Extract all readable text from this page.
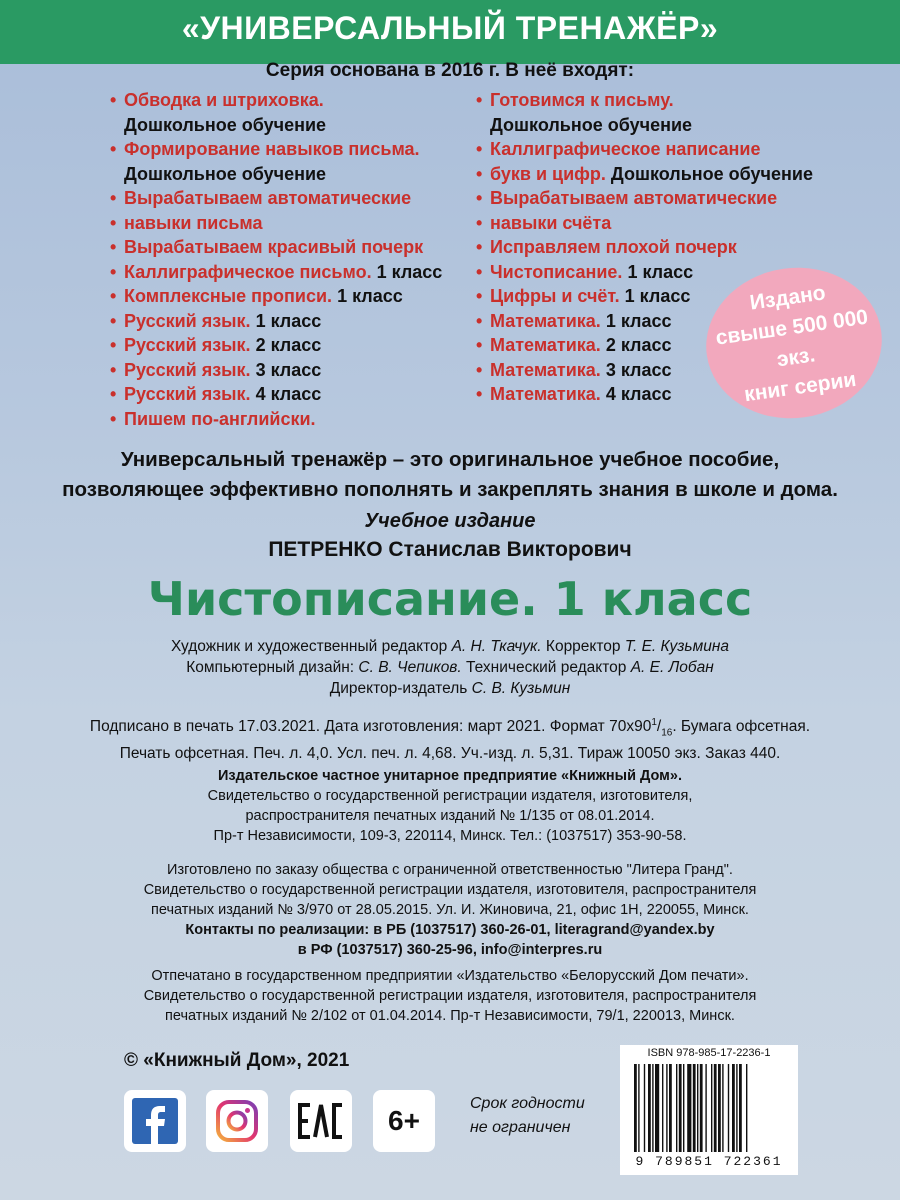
«УНИВЕРСАЛЬНЫЙ ТРЕНАЖЁР»
Серия основана в 2016 г. В неё входят:
• Обводка и штриховка.
Дошкольное обучение
• Формирование навыков письма.
Дошкольное обучение
• Вырабатываем автоматические
• навыки письма
• Вырабатываем красивый почерк
• Каллиграфическое письмо. 1 класс
• Комплексные прописи. 1 класс
• Русский язык. 1 класс
• Русский язык. 2 класс
• Русский язык. 3 класс
• Русский язык. 4 класс
• Пишем по-английски.
• Готовимся к письму.
Дошкольное обучение
• Каллиграфическое написание
• букв и цифр. Дошкольное обучение
• Вырабатываем автоматические
• навыки счёта
• Исправляем плохой почерк
• Чистописание. 1 класс
• Цифры и счёт. 1 класс
• Математика. 1 класс
• Математика. 2 класс
• Математика. 3 класс
• Математика. 4 класс
Издано
свыше 500 000 экз.
книг серии
Универсальный тренажёр – это оригинальное учебное пособие,
позволяющее эффективно пополнять и закреплять знания в школе и дома.
Учебное издание
ПЕТРЕНКО Станислав Викторович
Чистописание. 1 класс
Художник и художественный редактор А. Н. Ткачук. Корректор Т. Е. Кузьмина
Компьютерный дизайн: С. В. Чепиков. Технический редактор А. Е. Лобан
Директор-издатель С. В. Кузьмин
Подписано в печать 17.03.2021. Дата изготовления: март 2021. Формат $70х90^1/_{16}$. Бумага офсетная.
Печать офсетная. Печ. л. 4,0. Усл. печ. л. 4,68. Уч.-изд. л. 5,31. Тираж 10050 экз. Заказ 440.
Издательское частное унитарное предприятие «Книжный Дом».
Свидетельство о государственной регистрации издателя, изготовителя,
распространителя печатных изданий № 1/135 от 08.01.2014.
Пр-т Независимости, 109-3, 220114, Минск. Тел.: (1037517) 353-90-58.
Изготовлено по заказу общества с ограниченной ответственностью "Литера Гранд".
Свидетельство о государственной регистрации издателя, изготовителя, распространителя
печатных изданий № 3/970 от 28.05.2015. Ул. И. Жиновича, 21, офис 1Н, 220055, Минск.
Контакты по реализации: в РБ (1037517) 360-26-01, literagrand@yandex.by
в РФ (1037517) 360-25-96, info@interpres.ru
Отпечатано в государственном предприятии «Издательство «Белорусский Дом печати».
Свидетельство о государственной регистрации издателя, изготовителя, распространителя
печатных изданий № 2/102 от 01.04.2014. Пр-т Независимости, 79/1, 220013, Минск.
© «Книжный Дом», 2021	ISBN 978-985-17-2236-1
9 789851 722361
6+
Срок годности
не ограничен
